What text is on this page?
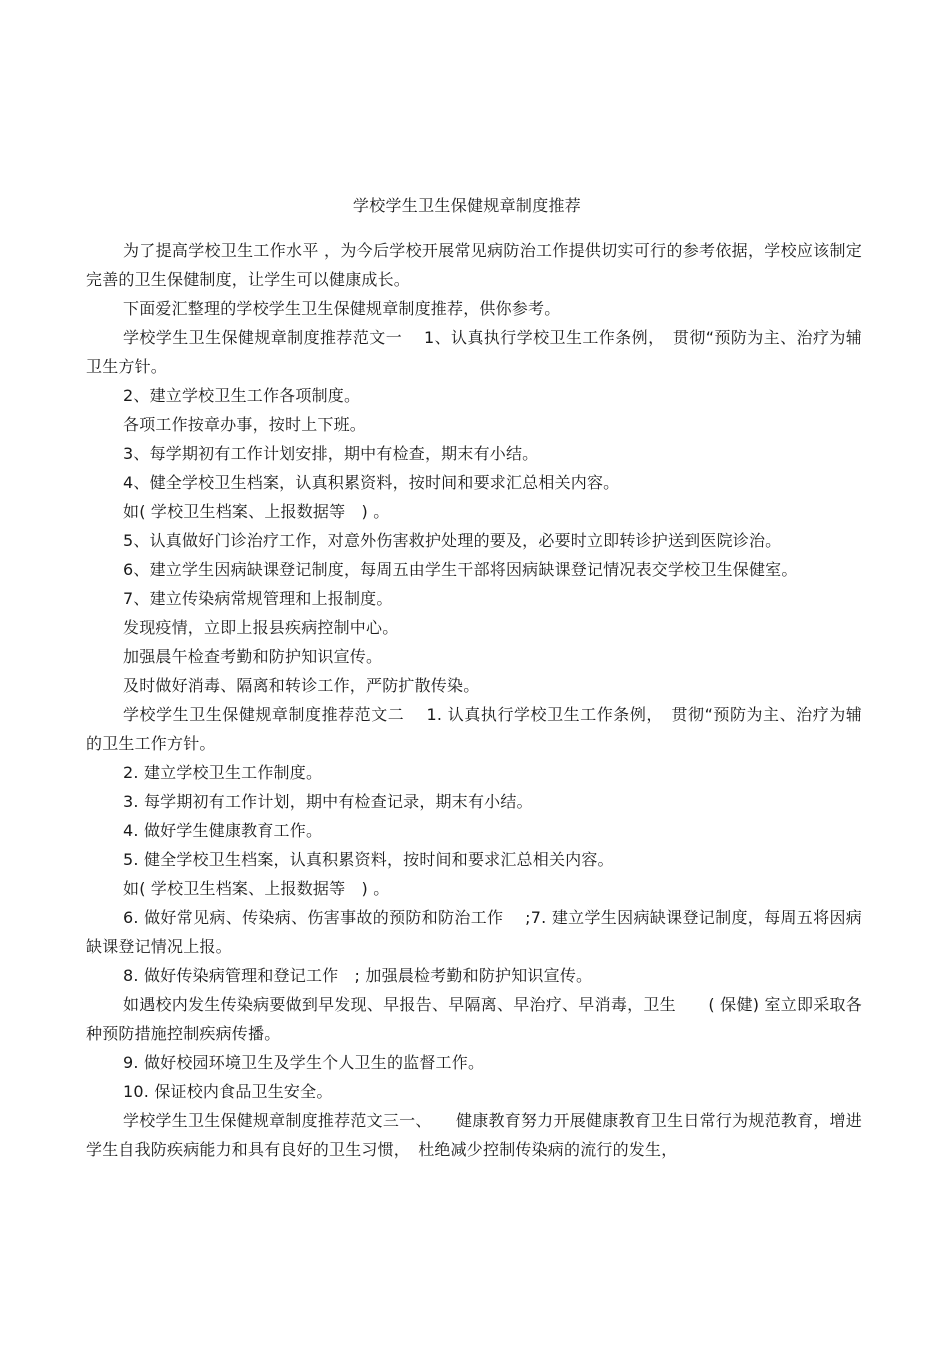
学校学生卫生保健规章制度推荐

为了提高学校卫生工作水平 ，为今后学校开展常见病防治工作提供切实可行的参考依据，学校应该制定完善的卫生保健制度，让学生可以健康成长。

下面爱汇整理的学校学生卫生保健规章制度推荐，供你参考。

学校学生卫生保健规章制度推荐范文一　 1、认真执行学校卫生工作条例，　贯彻“预防为主、治疗为辅卫生方针。

2、建立学校卫生工作各项制度。

各项工作按章办事，按时上下班。

3、每学期初有工作计划安排，期中有检查，期末有小结。

4、健全学校卫生档案，认真积累资料，按时间和要求汇总相关内容。

如( 学校卫生档案、上报数据等　) 。

5、认真做好门诊治疗工作，对意外伤害救护处理的要及，必要时立即转诊护送到医院诊治。

6、建立学生因病缺课登记制度，每周五由学生干部将因病缺课登记情况表交学校卫生保健室。

7、建立传染病常规管理和上报制度。

发现疫情，立即上报县疾病控制中心。

加强晨午检查考勤和防护知识宣传。

及时做好消毒、隔离和转诊工作，严防扩散传染。

学校学生卫生保健规章制度推荐范文二　 1. 认真执行学校卫生工作条例，　贯彻“预防为主、治疗为辅的卫生工作方针。

2. 建立学校卫生工作制度。

3. 每学期初有工作计划，期中有检查记录，期末有小结。

4. 做好学生健康教育工作。

5. 健全学校卫生档案，认真积累资料，按时间和要求汇总相关内容。

如( 学校卫生档案、上报数据等　) 。

6. 做好常见病、传染病、伤害事故的预防和防治工作　 ;7. 建立学生因病缺课登记制度，每周五将因病缺课登记情况上报。

8. 做好传染病管理和登记工作　; 加强晨检考勤和防护知识宣传。

如遇校内发生传染病要做到早发现、早报告、早隔离、早治疗、早消毒，卫生　　( 保健) 室立即采取各种预防措施控制疾病传播。

9. 做好校园环境卫生及学生个人卫生的监督工作。

10. 保证校内食品卫生安全。

学校学生卫生保健规章制度推荐范文三一、　　健康教育努力开展健康教育卫生日常行为规范教育，增进学生自我防疾病能力和具有良好的卫生习惯，　杜绝减少控制传染病的流行的发生，
